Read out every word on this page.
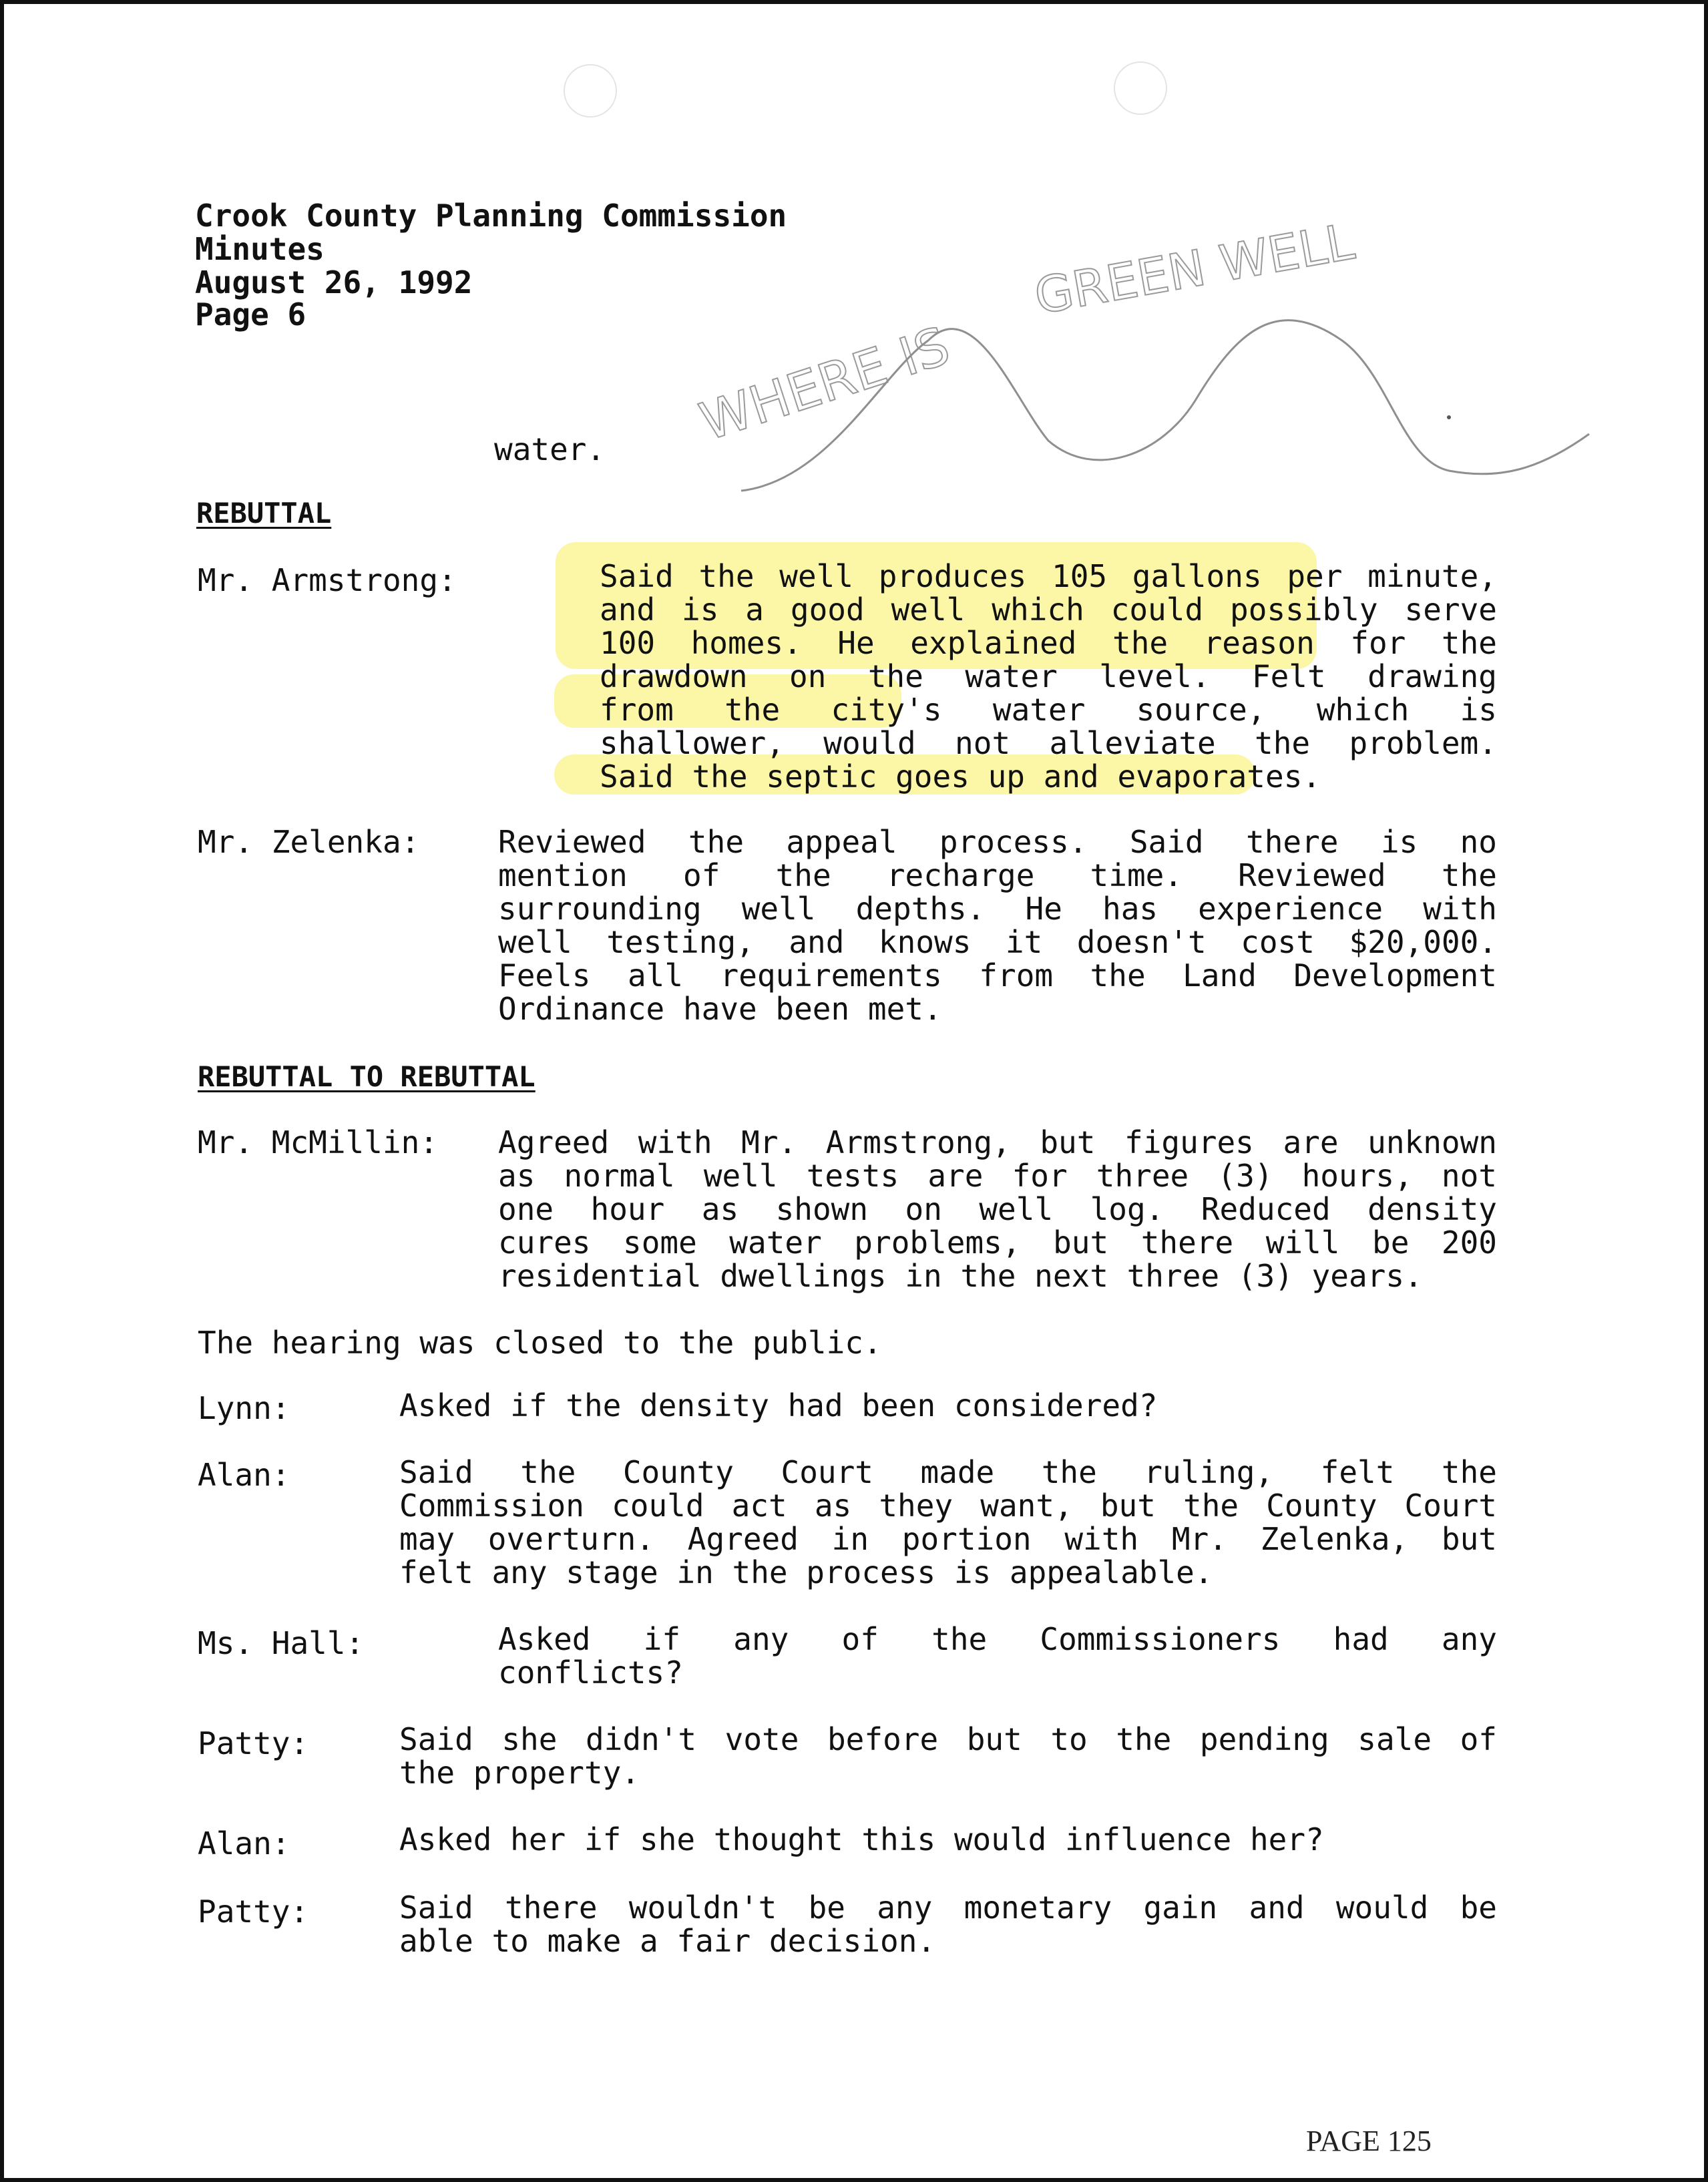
Crook County Planning Commission

Minutes

August 26, 1992

Page 6

water. WHERE IS
GREEN WELL

REBUTTAL

Mr. Armstrong:	Said the well produces 105 gallons per minute,
and is a good well which could possibly serve
100 homes. He explained the reason for the
drawdown on the water level. Felt drawing
from the city's water source, which is
shallower, would not alleviate the problem.
Said the septic goes up and evaporates.

Mr. Zelenka:	Reviewed the appeal process. Said there is no
mention of the recharge time. Reviewed the
surrounding well depths. He has experience with
well testing, and knows it doesn't cost $20,000.
Feels all requirements from the Land Development
Ordinance have been met.

REBUTTAL TO REBUTTAL

Mr. McMillin: Agreed with Mr. Armstrong, but figures are unknown
as normal well tests are for three (3) hours, not
one hour as shown on well log. Reduced density
cures some water problems, but there will be 200
residential dwellings in the next three (3) years.

The hearing was closed to the public.

Lynn:	Asked if the density had been considered?

Alan:	Said the County Court made the ruling, felt the
Commission could act as they want, but the County Court
may overturn. Agreed in portion with Mr. Zelenka, but
felt any stage in the process is appealable.

Ms. Hall:	Asked if any of the Commissioners had any
conflicts?

Patty:	Said she didn't vote before but to the pending sale of
the property.

Alan:	Asked her if she thought this would influence her?

Patty:	Said there wouldn't be any monetary gain and would be
able to make a fair decision.

PAGE 125
